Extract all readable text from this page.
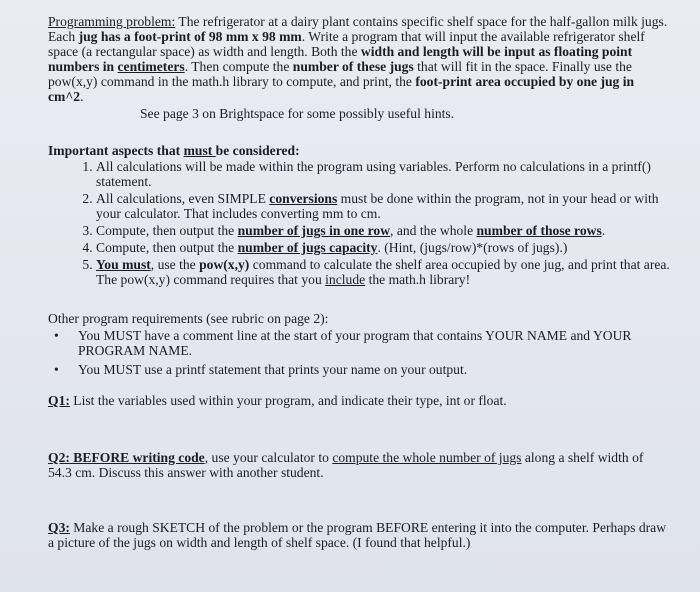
Programming problem: The refrigerator at a dairy plant contains specific shelf space for the half-gallon milk jugs. Each jug has a foot-print of 98 mm x 98 mm. Write a program that will input the available refrigerator shelf space (a rectangular space) as width and length. Both the width and length will be input as floating point numbers in centimeters. Then compute the number of these jugs that will fit in the space. Finally use the pow(x,y) command in the math.h library to compute, and print, the foot-print area occupied by one jug in cm^2.

See page 3 on Brightspace for some possibly useful hints.

Important aspects that must be considered:

1. All calculations will be made within the program using variables. Perform no calculations in a printf() statement.
2. All calculations, even SIMPLE conversions must be done within the program, not in your head or with your calculator. That includes converting mm to cm.
3. Compute, then output the number of jugs in one row, and the whole number of those rows.
4. Compute, then output the number of jugs capacity. (Hint, (jugs/row)*(rows of jugs).)
5. You must, use the pow(x,y) command to calculate the shelf area occupied by one jug, and print that area. The pow(x,y) command requires that you include the math.h library!

Other program requirements (see rubric on page 2):

• You MUST have a comment line at the start of your program that contains YOUR NAME and YOUR PROGRAM NAME.
• You MUST use a printf statement that prints your name on your output.

Q1: List the variables used within your program, and indicate their type, int or float.

Q2: BEFORE writing code, use your calculator to compute the whole number of jugs along a shelf width of 54.3 cm. Discuss this answer with another student.

Q3: Make a rough SKETCH of the problem or the program BEFORE entering it into the computer. Perhaps draw a picture of the jugs on width and length of shelf space. (I found that helpful.)
